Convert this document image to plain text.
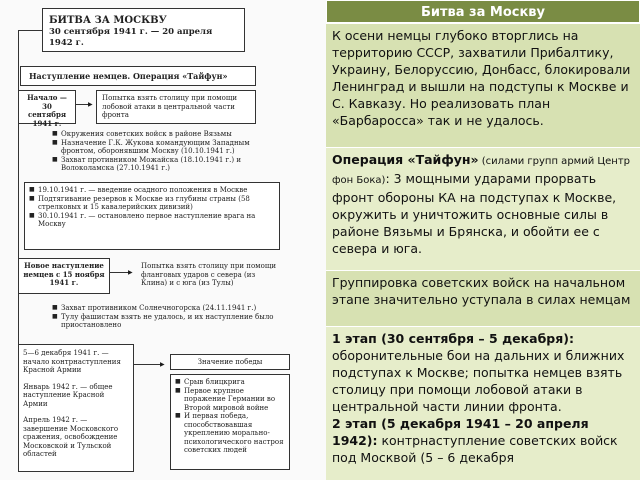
БИТВА ЗА МОСКВУ
30 сентября 1941 г. — 20 апреля 1942 г.
Наступление немцев. Операция «Тайфун»
Начало — 30 сентября 1941 г.
▶
Попытка взять столицу при помощи лобовой атаки в центральной части фронта
■ Окружения советских войск в районе Вязьмы
■ Назначение Г.К. Жукова командующим Западным фронтом, оборонявшим Москву (10.10.1941 г.)
■ Захват противником Можайска (18.10.1941 г.) и Волоколамска (27.10.1941 г.)
■ 19.10.1941 г. — введение осадного положения в Москве
■ Подтягивание резервов к Москве из глубины страны (58 стрелковых и 15 кавалерийских дивизий)
■ 30.10.1941 г. — остановлено первое наступление врага на Москву
Новое наступление немцев с 15 ноября 1941 г.
▶
Попытка взять столицу при помощи фланговых ударов с севера (из Клина) и с юга (из Тулы)
■ Захват противником Солнечногорска (24.11.1941 г.)
■ Тулу фашистам взять не удалось, и их наступление было приостановлено
5—6 декабря 1941 г. — начало контрнаступления Красной Армии
Январь 1942 г. — общее наступление Красной Армии
Апрель 1942 г. — завершение Московского сражения, освобождение Московской и Тульской областей
▶	Значение победы
■ Срыв блицкрига
■ Первое крупное поражение Германии во Второй мировой войне
■ И первая победа, способствовавшая укреплению морально-психологического настроя советских людей
Битва за Москву
К осени немцы глубоко вторглись на территорию СССР, захватили Прибалтику, Украину, Белоруссию, Донбасс, блокировали Ленинград и вышли на подступы к Москве и С. Кавказу. Но реализовать план «Барбаросса» так и не удалось.
Операция «Тайфун» (силами групп армий Центр фон Бока): 3 мощными ударами прорвать фронт обороны КА на подступах к Москве, окружить и уничтожить основные силы в районе Вязьмы и Брянска, и обойти ее с севера и юга.
Группировка советских войск на начальном этапе значительно уступала в силах немцам
1 этап (30 сентября – 5 декабря): оборонительные бои на дальних и ближних подступах к Москве; попытка немцев взять столицу при помощи лобовой атаки в центральной части линии фронта.
2 этап (5 декабря 1941 – 20 апреля 1942): контрнаступление советских войск под Москвой (5 – 6 декабря
